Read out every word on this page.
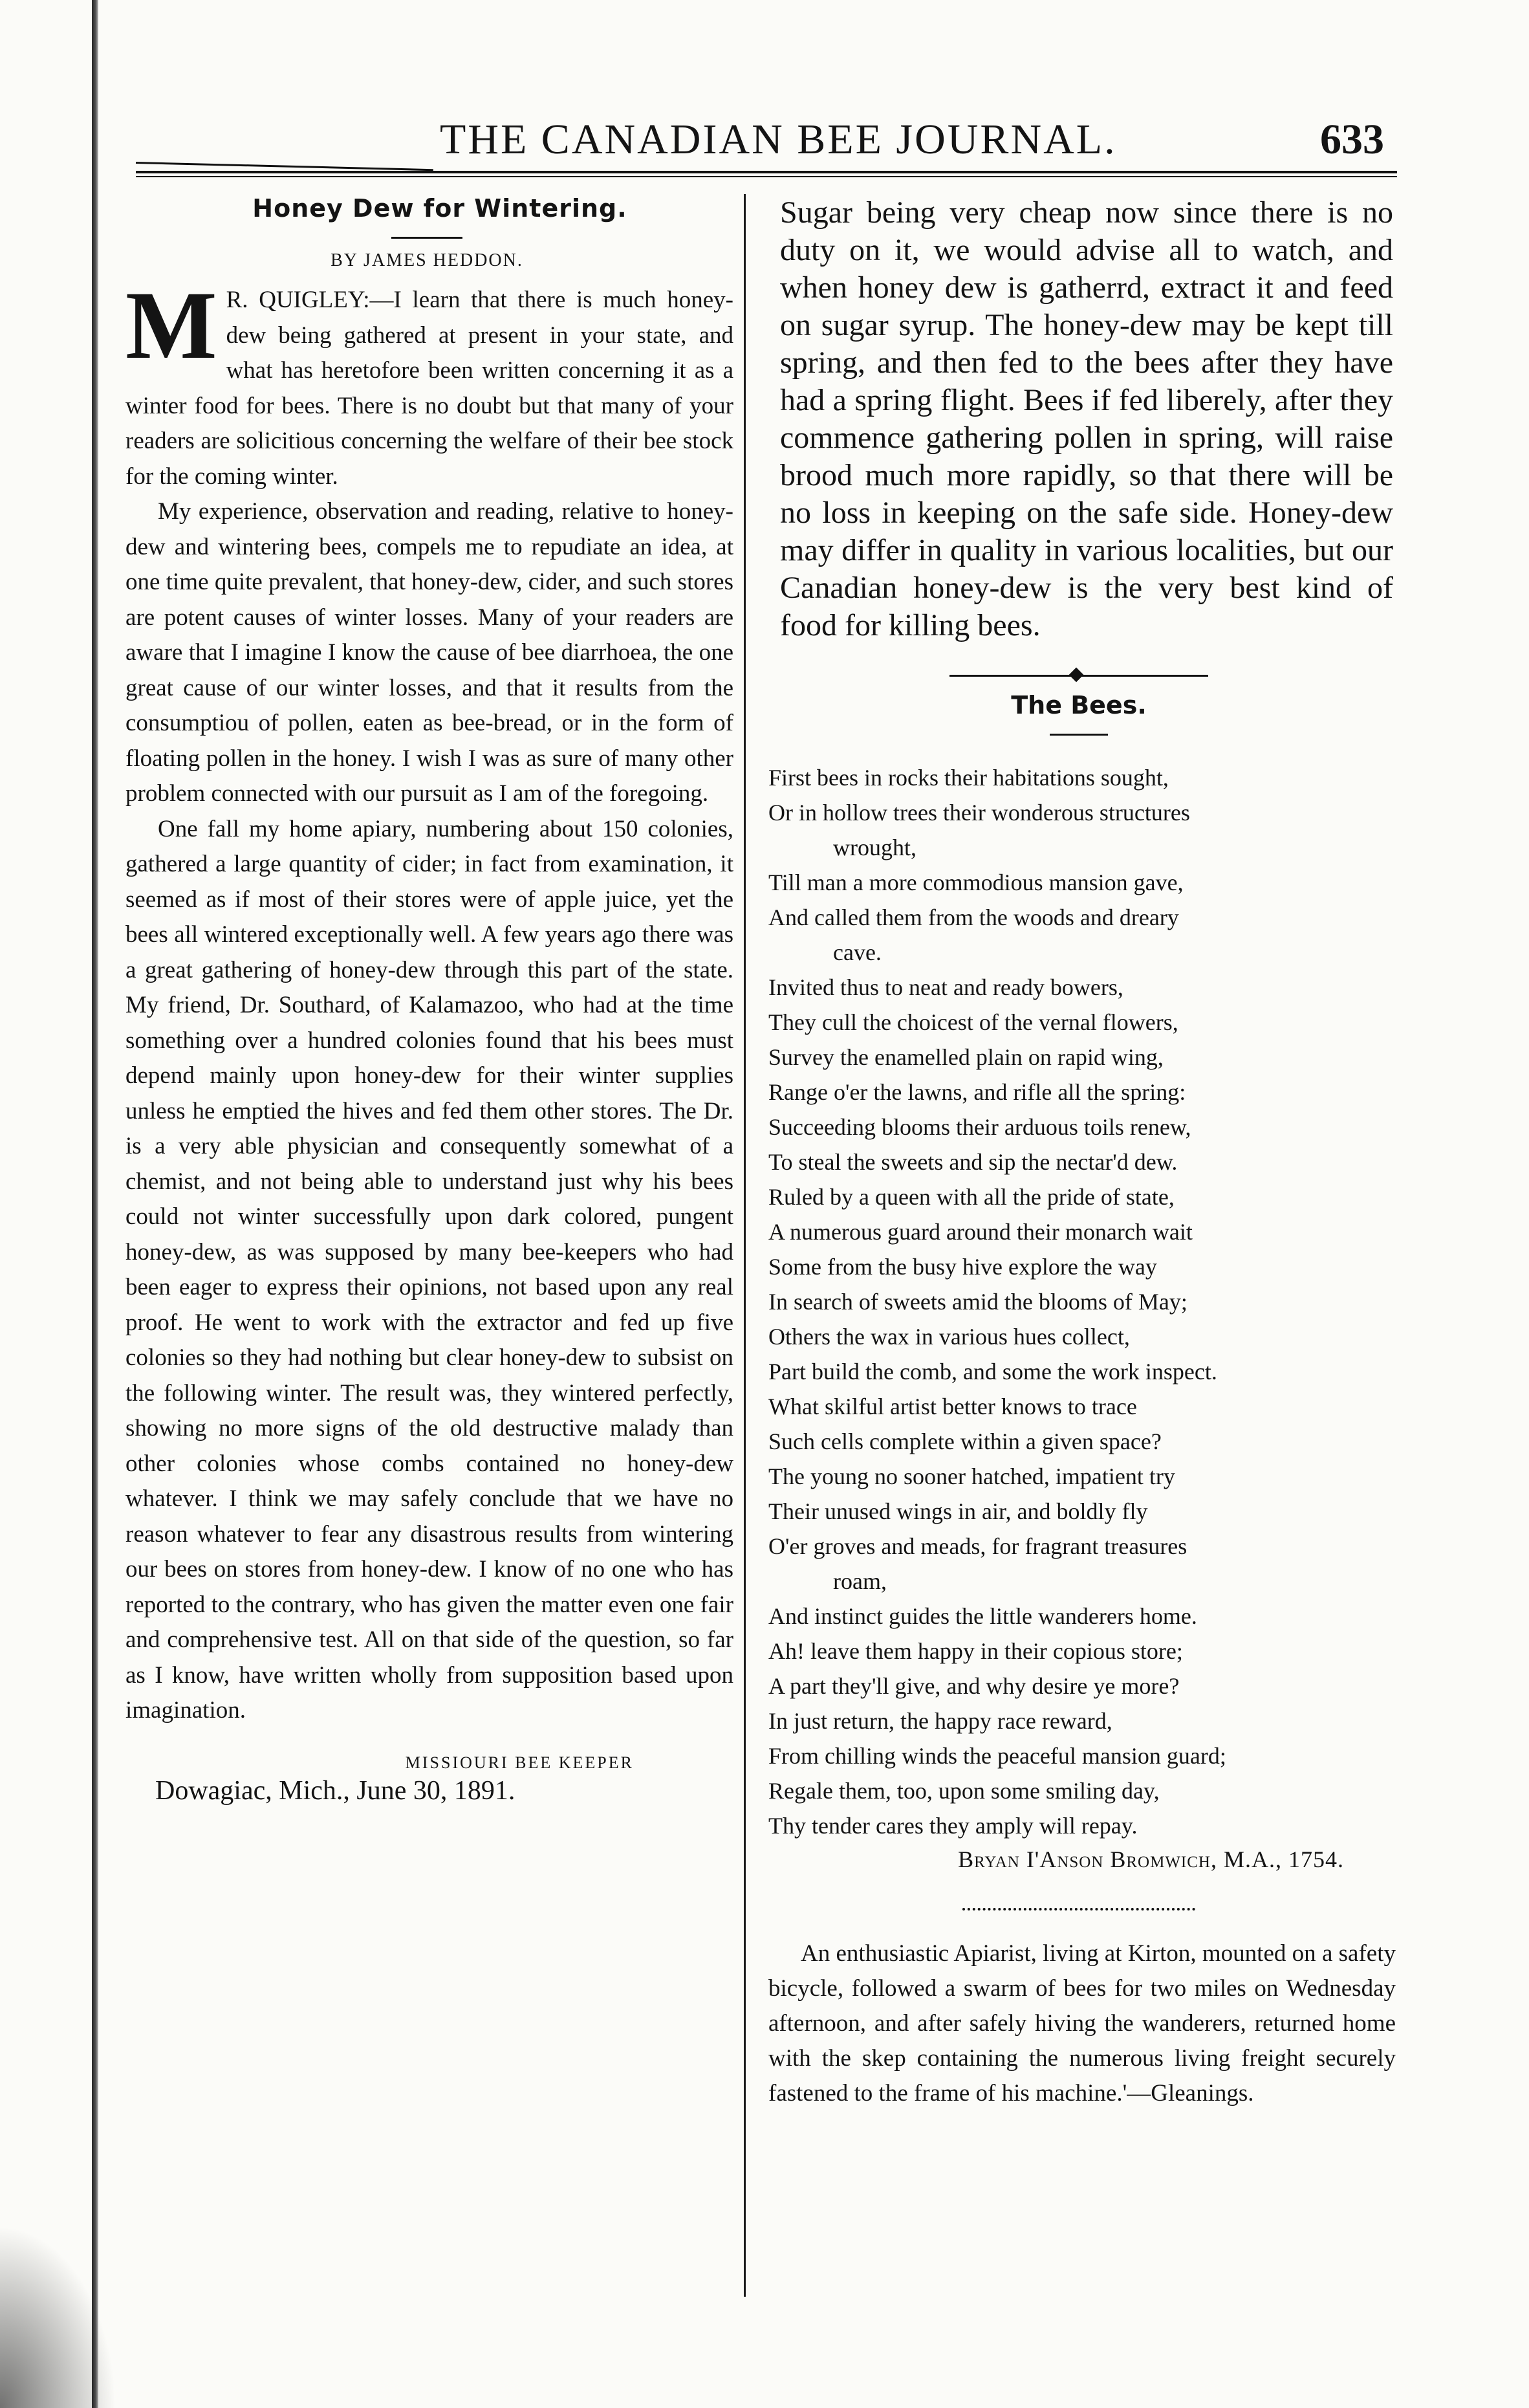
THE CANADIAN BEE JOURNAL.	633
Honey Dew for Wintering.
BY JAMES HEDDON.

M R. QUIGLEY:—I learn that there is much honey-dew being gathered at present in your state, and what has heretofore been written concerning it as a winter food for bees. There is no doubt but that many of your readers are solicitious concerning the welfare of their bee stock for the coming winter.

My experience, observation and reading, relative to honey-dew and wintering bees, compels me to repudiate an idea, at one time quite prevalent, that honey-dew, cider, and such stores are potent causes of winter losses. Many of your readers are aware that I imagine I know the cause of bee diarrhoea, the one great cause of our winter losses, and that it results from the consumptiou of pollen, eaten as bee-bread, or in the form of floating pollen in the honey. I wish I was as sure of many other problem connected with our pursuit as I am of the foregoing.

One fall my home apiary, numbering about 150 colonies, gathered a large quantity of cider; in fact from examination, it seemed as if most of their stores were of apple juice, yet the bees all wintered exceptionally well. A few years ago there was a great gathering of honey-dew through this part of the state. My friend, Dr. Southard, of Kalamazoo, who had at the time something over a hundred colonies found that his bees must depend mainly upon honey-dew for their winter supplies unless he emptied the hives and fed them other stores. The Dr. is a very able physician and consequently somewhat of a chemist, and not being able to understand just why his bees could not winter successfully upon dark colored, pungent honey-dew, as was supposed by many bee-keepers who had been eager to express their opinions, not based upon any real proof. He went to work with the extractor and fed up five colonies so they had nothing but clear honey-dew to subsist on the following winter. The result was, they wintered perfectly, showing no more signs of the old destructive malady than other colonies whose combs contained no honey-dew whatever. I think we may safely conclude that we have no reason whatever to fear any disastrous results from wintering our bees on stores from honey-dew. I know of no one who has reported to the contrary, who has given the matter even one fair and comprehensive test. All on that side of the question, so far as I know, have written wholly from supposition based upon imagination.

MISSIOURI BEE KEEPER
Dowagiac, Mich., June 30, 1891.

Sugar being very cheap now since there is no duty on it, we would advise all to watch, and when honey dew is gatherrd, extract it and feed on sugar syrup. The honey-dew may be kept till spring, and then fed to the bees after they have had a spring flight. Bees if fed liberely, after they commence gathering pollen in spring, will raise brood much more rapidly, so that there will be no loss in keeping on the safe side. Honey-dew may differ in quality in various localities, but our Canadian honey-dew is the very best kind of food for killing bees.

The Bees.
First bees in rocks their habitations sought,
Or in hollow trees their wonderous structures
wrought,
Till man a more commodious mansion gave,
And called them from the woods and dreary
cave.
Invited thus to neat and ready bowers,
They cull the choicest of the vernal flowers,
Survey the enamelled plain on rapid wing,
Range o'er the lawns, and rifle all the spring:
Succeeding blooms their arduous toils renew,
To steal the sweets and sip the nectar'd dew.
Ruled by a queen with all the pride of state,
A numerous guard around their monarch wait
Some from the busy hive explore the way
In search of sweets amid the blooms of May;
Others the wax in various hues collect,
Part build the comb, and some the work inspect.
What skilful artist better knows to trace
Such cells complete within a given space?
The young no sooner hatched, impatient try
Their unused wings in air, and boldly fly
O'er groves and meads, for fragrant treasures
roam,
And instinct guides the little wanderers home.
Ah! leave them happy in their copious store;
A part they'll give, and why desire ye more?
In just return, the happy race reward,
From chilling winds the peaceful mansion guard;
Regale them, too, upon some smiling day,
Thy tender cares they amply will repay.
Bryan I'Anson Bromwich, M.A., 1754.

An enthusiastic Apiarist, living at Kirton, mounted on a safety bicycle, followed a swarm of bees for two miles on Wednesday afternoon, and after safely hiving the wanderers, returned home with the skep containing the numerous living freight securely fastened to the frame of his machine.'—Gleanings.
